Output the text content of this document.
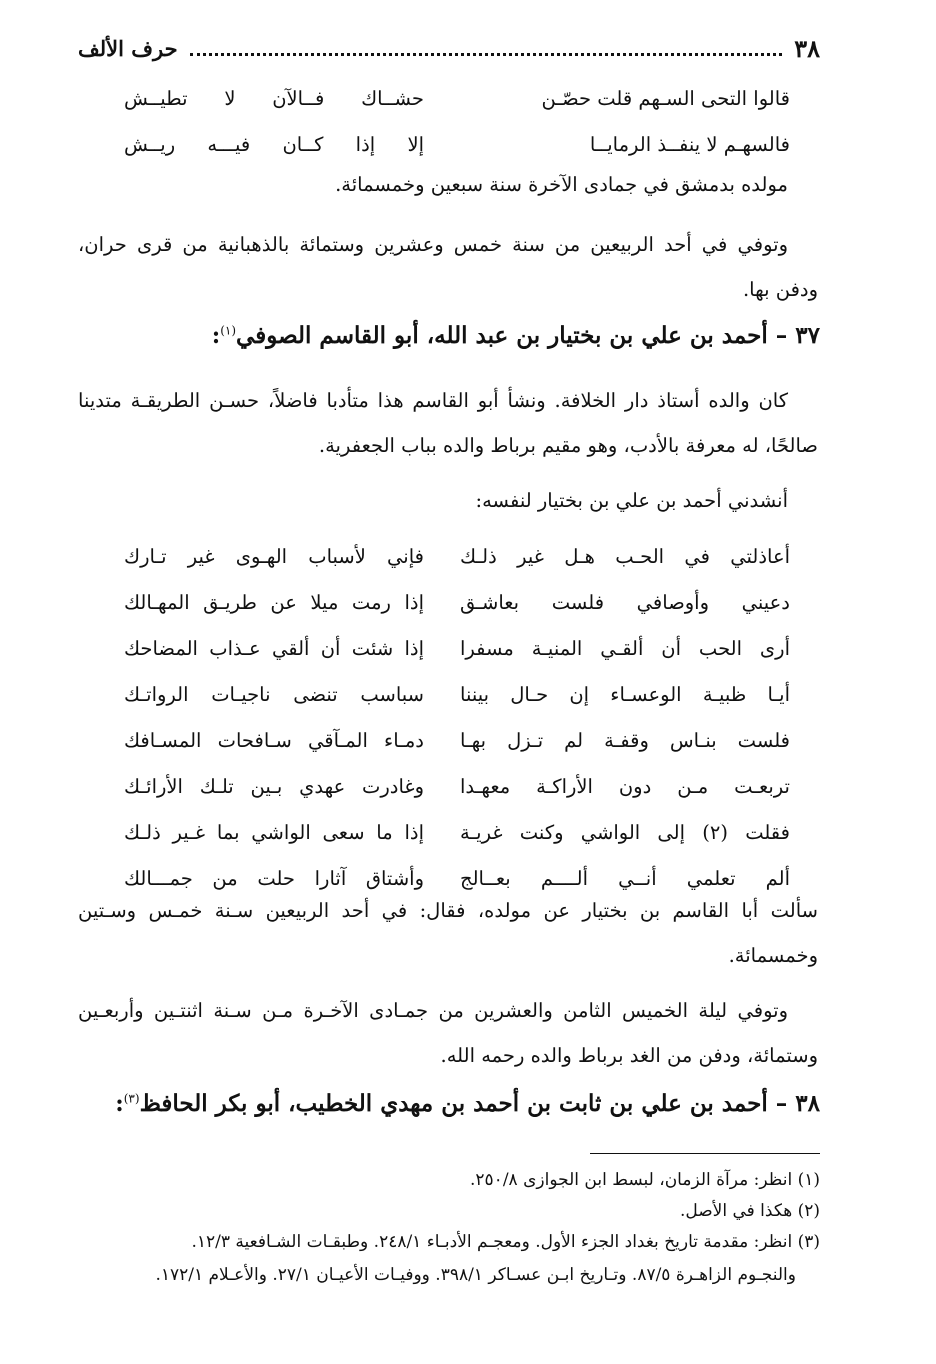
٣٨
حرف الألف
قالوا التحى السـهم قلت حصّـن
حشــاك فــالآن لا تطيــش
فالسهـم لا ينفــذ الرمايــا
إلا إذا كــان فيـــه ريــش

مولده بدمشق في جمادى الآخرة سنة سبعين وخمسمائة.

وتوفي في أحد الربيعين من سنة خمس وعشرين وستمائة بالذهبانية من قرى حران، ودفن بها.

٣٧ – أحمد بن علي بن بختيار بن عبد الله، أبو القاسم الصوفي$^{(١)}$:

كان والده أستاذ دار الخلافة. ونشأ أبو القاسم هذا متأدبا فاضلاً، حسـن الطريقـة متدينا صالحًا، له معرفة بالأدب، وهو مقيم برباط والده بباب الجعفرية.

أنشدني أحمد بن علي بن بختيار لنفسه:

أعاذلتي في الحـب هـل غير ذلـك
فإني لأسباب الهـوى غير تـارك
دعيني وأوصافي فلست بعاشـق
إذا رمت ميلا عن طريـق المهـالك
أرى الحب أن ألقـي المنيـة مسفرا
إذا شئت أن ألقي عـذاب المضاحك
أيـا ظبيـة الوعسـاء إن حـال بيننا
سباسب تنضى ناجيـات الرواتـك
فلست بنـاس وقفـة لم تـزل بهـا
دمـاء المـآقي سـافحات المسـافك
تربعـت مـن دون الأراكـة معهـدا
وغادرت عهدي بـين تلـك الأرائـك
فقلت (٢) إلى الواشي وكنت غريـة
إذا ما سعى الواشي بما غـير ذلـك
ألم تعلمي أنــي ألــــم بعــالج
وأشتاق آثارا حلت من جمـــالك

سألت أبا القاسم بن بختيار عن مولده، فقال: في أحد الربيعين سـنة خمـس وسـتين وخمسمائة.

وتوفي ليلة الخميس الثامن والعشرين من جمـادى الآخـرة مـن سـنة اثنتـين وأربعـين وستمائة، ودفن من الغد برباط والده رحمه الله.

٣٨ – أحمد بن علي بن ثابت بن أحمد بن مهدي الخطيب، أبو بكر الحافظ$^{(٣)}$:

(١) انظر: مرآة الزمان، لبسط ابن الجوازى ٢٥٠/٨.

(٢) هكذا في الأصل.

(٣) انظر: مقدمة تاريخ بغداد الجزء الأول. ومعجـم الأدبـاء ٢٤٨/١. وطبقـات الشـافعية ١٢/٣.

والنجـوم الزاهـرة ٨٧/٥. وتـاريخ ابـن عسـاكر ٣٩٨/١. ووفيـات الأعيـان ٢٧/١. والأعـلام ١٧٢/١.
